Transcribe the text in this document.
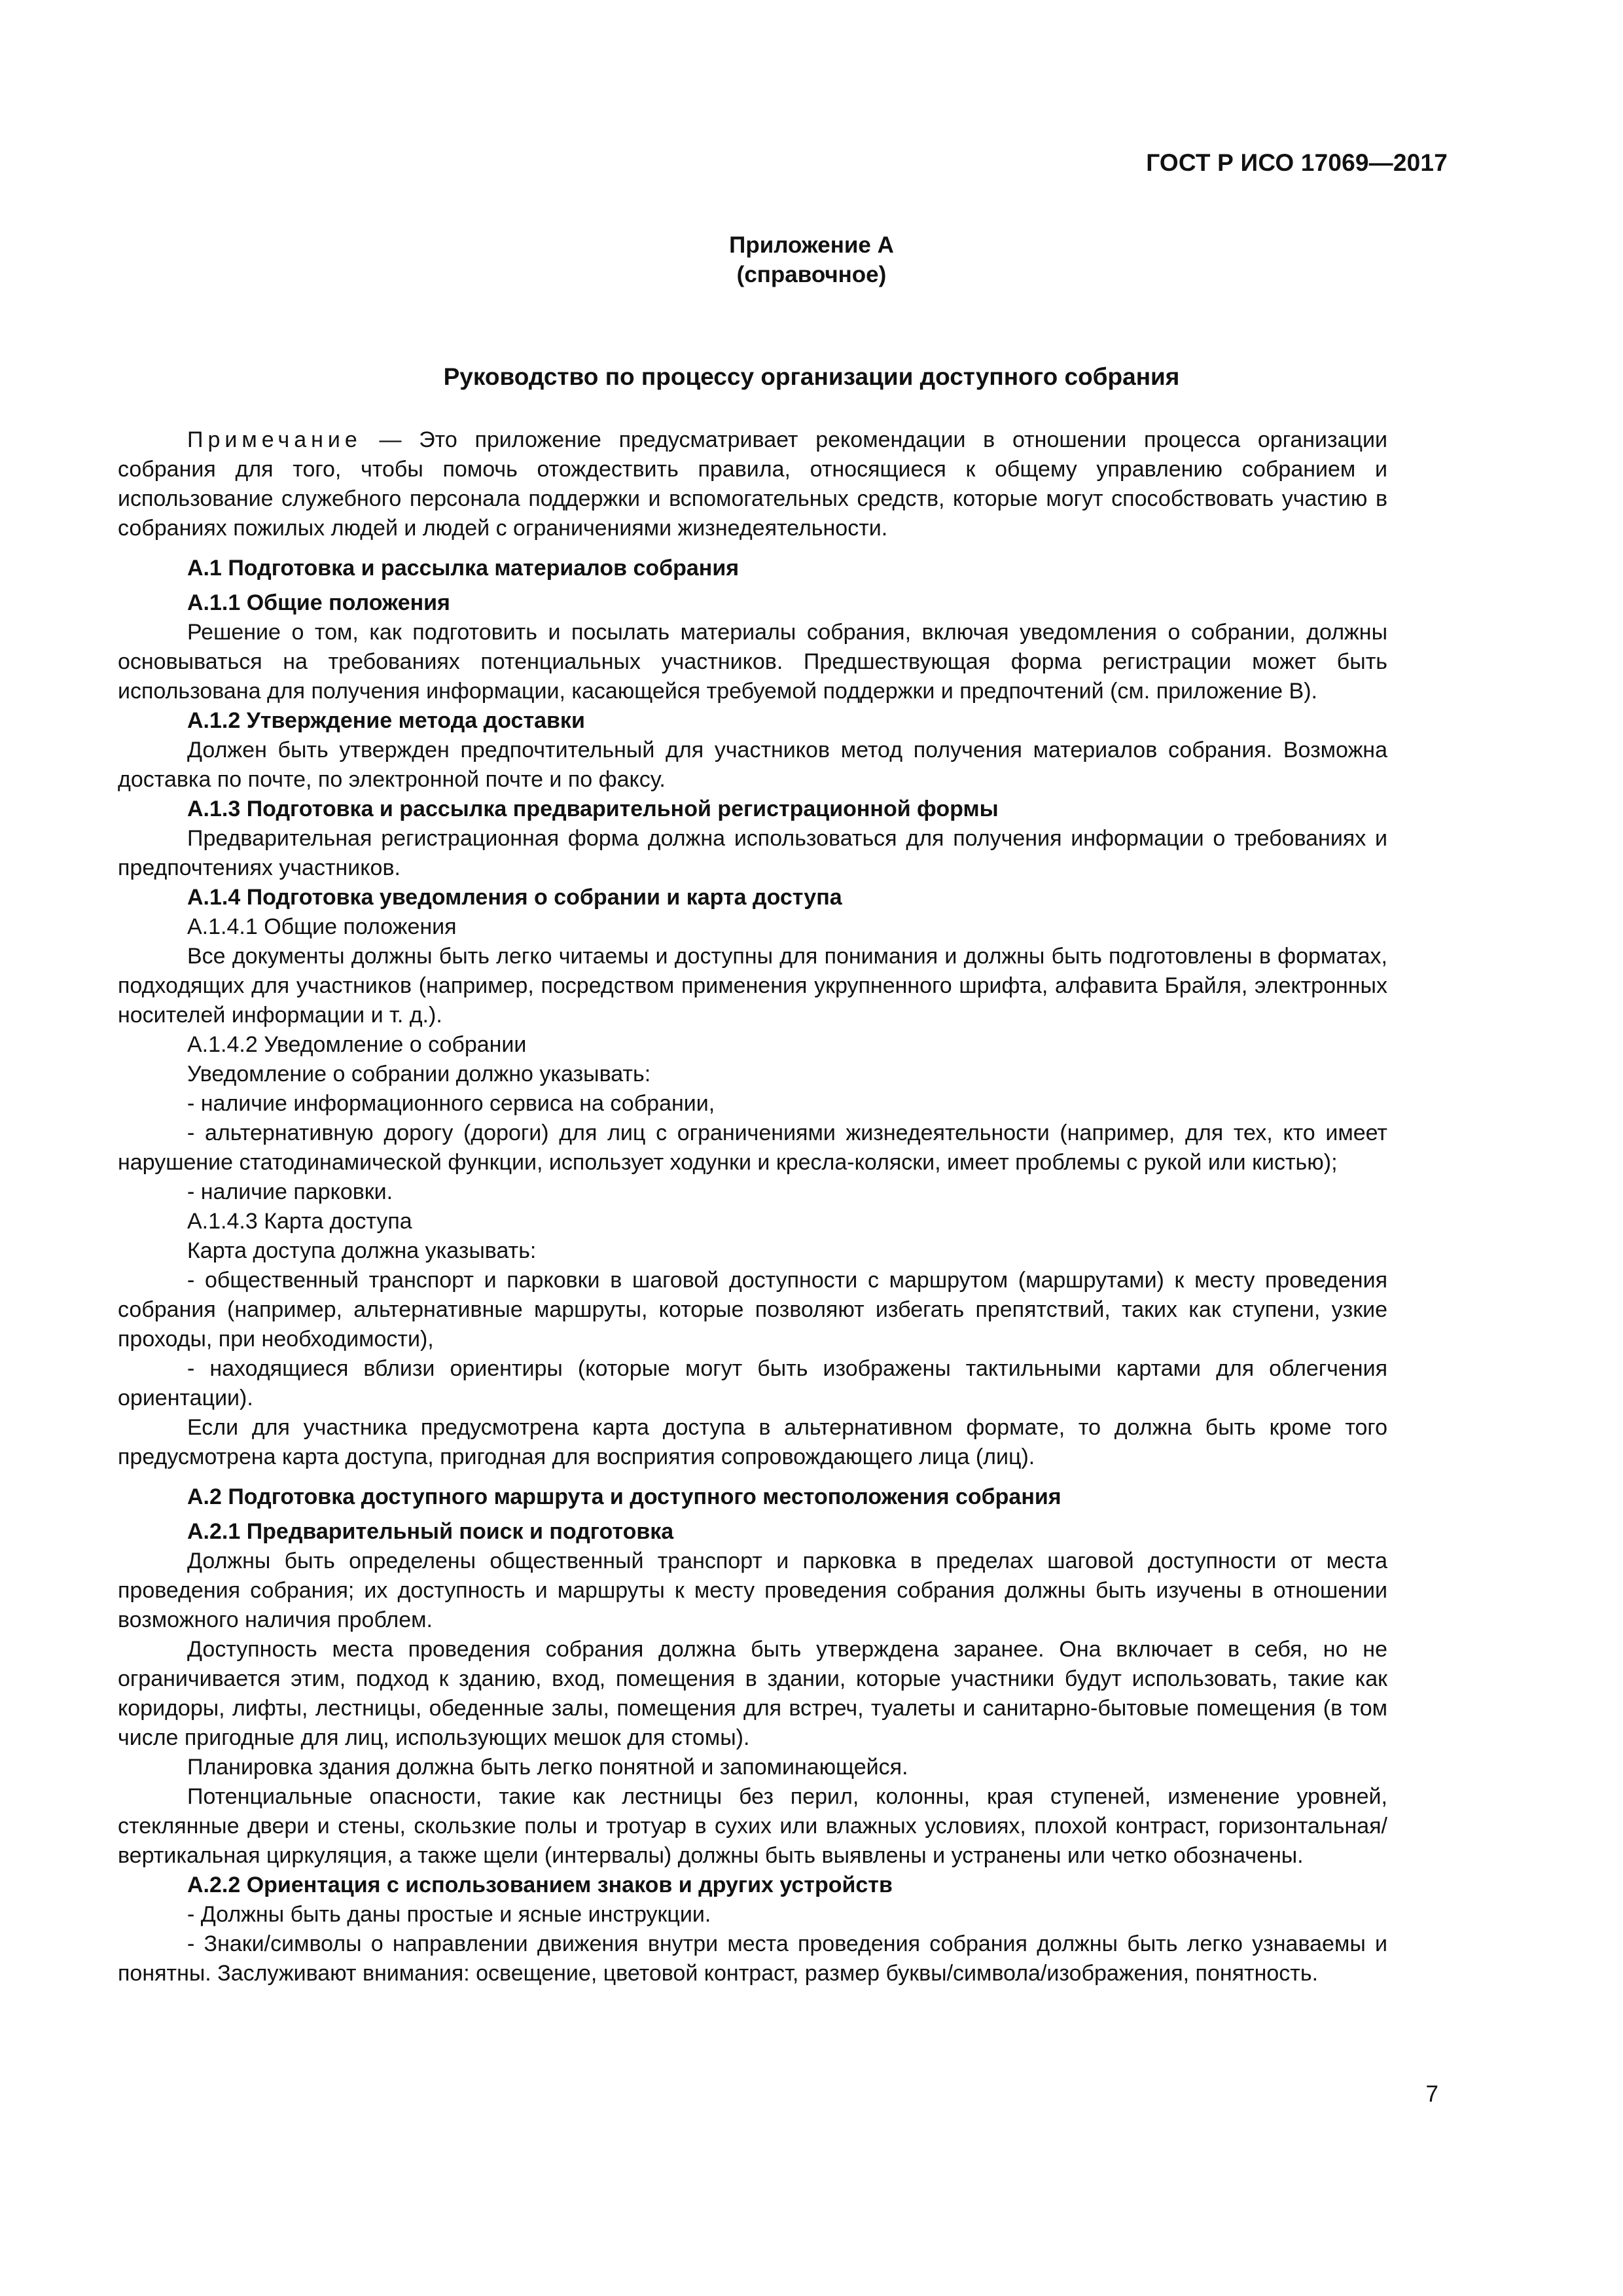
ГОСТ Р ИСО 17069—2017
Приложение А
(справочное)
Руководство по процессу организации доступного собрания

Примечание — Это приложение предусматривает рекомендации в отношении процесса организации собрания для того, чтобы помочь отождествить правила, относящиеся к общему управлению собранием и использование служебного персонала поддержки и вспомогательных средств, которые могут способствовать участию в собраниях пожилых людей и людей с ограничениями жизнедеятельности.

А.1 Подготовка и рассылка материалов собрания

А.1.1 Общие положения

Решение о том, как подготовить и посылать материалы собрания, включая уведомления о собрании, должны основываться на требованиях потенциальных участников. Предшествующая форма регистрации может быть использована для получения информации, касающейся требуемой поддержки и предпочтений (см. приложение В).

А.1.2 Утверждение метода доставки

Должен быть утвержден предпочтительный для участников метод получения материалов собрания. Возможна доставка по почте, по электронной почте и по факсу.

А.1.3 Подготовка и рассылка предварительной регистрационной формы

Предварительная регистрационная форма должна использоваться для получения информации о требованиях и предпочтениях участников.

А.1.4 Подготовка уведомления о собрании и карта доступа

А.1.4.1 Общие положения

Все документы должны быть легко читаемы и доступны для понимания и должны быть подготовлены в форматах, подходящих для участников (например, посредством применения укрупненного шрифта, алфавита Брайля, электронных носителей информации и т. д.).

А.1.4.2 Уведомление о собрании

Уведомление о собрании должно указывать:

- наличие информационного сервиса на собрании,

- альтернативную дорогу (дороги) для лиц с ограничениями жизнедеятельности (например, для тех, кто имеет нарушение статодинамической функции, использует ходунки и кресла-коляски, имеет проблемы с рукой или кистью);

- наличие парковки.

А.1.4.3 Карта доступа

Карта доступа должна указывать:

- общественный транспорт и парковки в шаговой доступности с маршрутом (маршрутами) к месту проведения собрания (например, альтернативные маршруты, которые позволяют избегать препятствий, таких как ступени, узкие проходы, при необходимости),

- находящиеся вблизи ориентиры (которые могут быть изображены тактильными картами для облегчения ориентации).

Если для участника предусмотрена карта доступа в альтернативном формате, то должна быть кроме того предусмотрена карта доступа, пригодная для восприятия сопровождающего лица (лиц).

А.2 Подготовка доступного маршрута и доступного местоположения собрания

А.2.1 Предварительный поиск и подготовка

Должны быть определены общественный транспорт и парковка в пределах шаговой доступности от места проведения собрания; их доступность и маршруты к месту проведения собрания должны быть изучены в отношении возможного наличия проблем.

Доступность места проведения собрания должна быть утверждена заранее. Она включает в себя, но не ограничивается этим, подход к зданию, вход, помещения в здании, которые участники будут использовать, такие как коридоры, лифты, лестницы, обеденные залы, помещения для встреч, туалеты и санитарно-бытовые помещения (в том числе пригодные для лиц, использующих мешок для стомы).

Планировка здания должна быть легко понятной и запоминающейся.

Потенциальные опасности, такие как лестницы без перил, колонны, края ступеней, изменение уровней, стеклянные двери и стены, скользкие полы и тротуар в сухих или влажных условиях, плохой контраст, горизонтальная/вертикальная циркуляция, а также щели (интервалы) должны быть выявлены и устранены или четко обозначены.

А.2.2 Ориентация с использованием знаков и других устройств

- Должны быть даны простые и ясные инструкции.

- Знаки/символы о направлении движения внутри места проведения собрания должны быть легко узнаваемы и понятны. Заслуживают внимания: освещение, цветовой контраст, размер буквы/символа/изображения, понятность.

7
